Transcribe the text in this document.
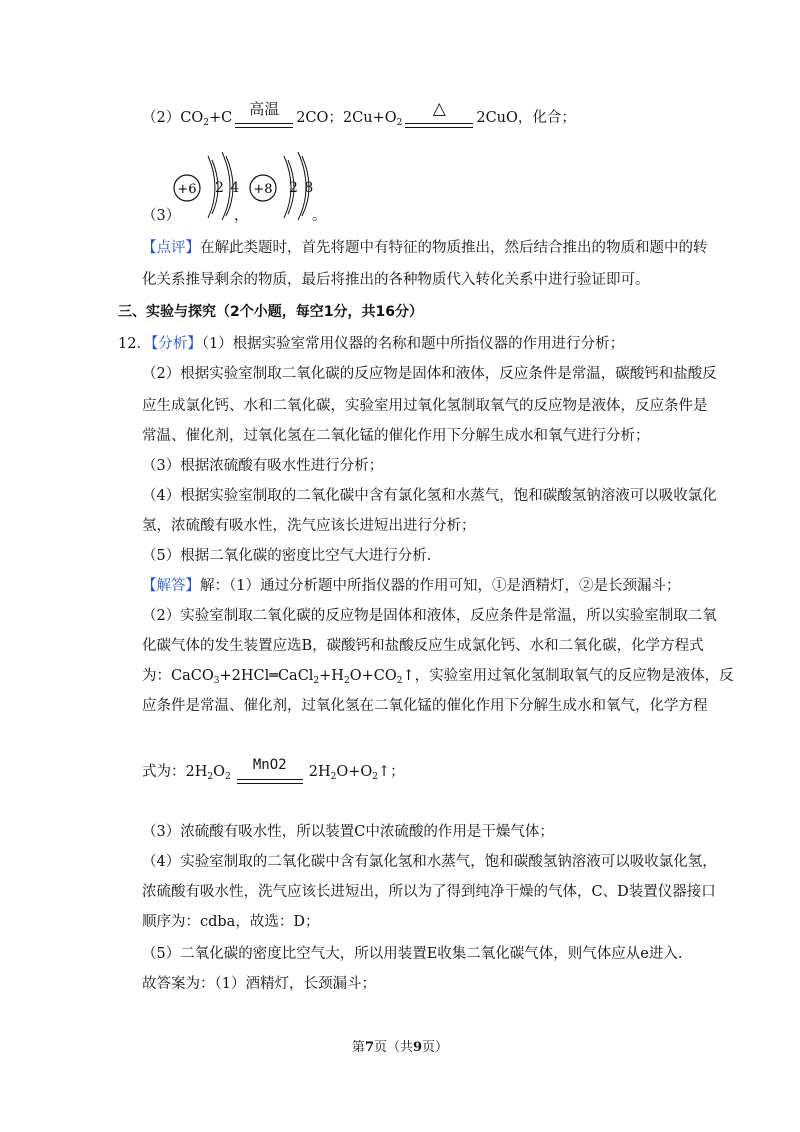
$(2)CO_2+C$	高温	2CO；$2Cu+O_2$
△	2CuO，化合；
+6 2 4 +8 2 8
（3）	，	。
【点评】在解此类题时，首先将题中有特征的物质推出，然后结合推出的物质和题中的转
化关系推导剩余的物质，最后将推出的各种物质代入转化关系中进行验证即可。
三、实验与探究（2个小题，每空1分，共16分）
12．【分析】（1）根据实验室常用仪器的名称和题中所指仪器的作用进行分析；
（2）根据实验室制取二氧化碳的反应物是固体和液体，反应条件是常温，碳酸钙和盐酸反
应生成氯化钙、水和二氧化碳，实验室用过氧化氢制取氧气的反应物是液体，反应条件是
常温、催化剂，过氧化氢在二氧化锰的催化作用下分解生成水和氧气进行分析；
（3）根据浓硫酸有吸水性进行分析；
（4）根据实验室制取的二氧化碳中含有氯化氢和水蒸气，饱和碳酸氢钠溶液可以吸收氯化
氢，浓硫酸有吸水性，洗气应该长进短出进行分析；
（5）根据二氧化碳的密度比空气大进行分析.
【解答】解：（1）通过分析题中所指仪器的作用可知，①是酒精灯，②是长颈漏斗；
（2）实验室制取二氧化碳的反应物是固体和液体，反应条件是常温，所以实验室制取二氧
化碳气体的发生装置应选B，碳酸钙和盐酸反应生成氯化钙、水和二氧化碳，化学方程式
为：$CaCO_3+2HCl═CaCl_2+H_2O+CO_2↑$，实验室用过氧化氢制取氧气的反应物是液体，反
应条件是常温、催化剂，过氧化氢在二氧化锰的催化作用下分解生成水和氧气，化学方程
式为：$2H_2O_2$
MnO2	$2H_2O+O_2↑$；
（3）浓硫酸有吸水性，所以装置C中浓硫酸的作用是干燥气体；
（4）实验室制取的二氧化碳中含有氯化氢和水蒸气，饱和碳酸氢钠溶液可以吸收氯化氢，
浓硫酸有吸水性，洗气应该长进短出，所以为了得到纯净干燥的气体，C、D装置仪器接口
顺序为：cdba，故选：D；
（5）二氧化碳的密度比空气大，所以用装置E收集二氧化碳气体，则气体应从e进入.
故答案为：（1）酒精灯，长颈漏斗；
第7页（共9页）
